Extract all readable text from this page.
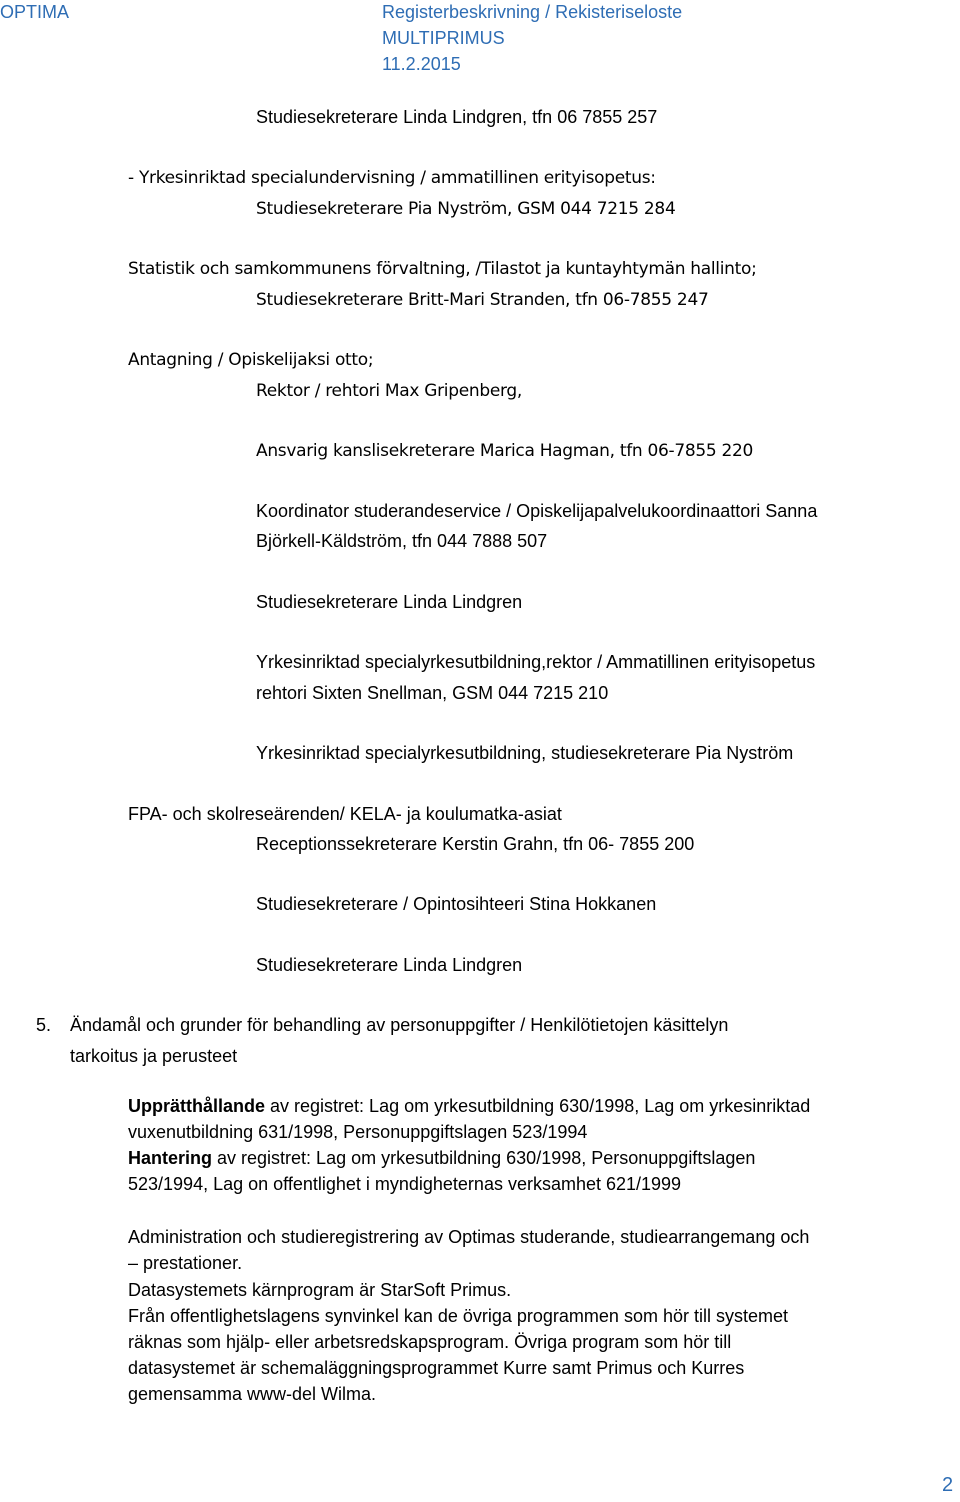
OPTIMA	Registerbeskrivning / Rekisteriseloste
MULTIPRIMUS
11.2.2015
Studiesekreterare Linda Lindgren, tfn 06 7855 257
- Yrkesinriktad specialundervisning / ammatillinen erityisopetus:
Studiesekreterare Pia Nyström, GSM 044 7215 284
Statistik och samkommunens förvaltning, /Tilastot ja kuntayhtymän hallinto;
Studiesekreterare Britt-Mari Stranden, tfn 06-7855 247
Antagning / Opiskelijaksi otto;
Rektor / rehtori Max Gripenberg,
Ansvarig kanslisekreterare Marica Hagman, tfn 06-7855 220
Koordinator studerandeservice / Opiskelijapalvelukoordinaattori Sanna
Björkell-Käldström, tfn 044 7888 507
Studiesekreterare Linda Lindgren
Yrkesinriktad specialyrkesutbildning,rektor / Ammatillinen erityisopetus
rehtori Sixten Snellman, GSM 044 7215 210
Yrkesinriktad specialyrkesutbildning, studiesekreterare Pia Nyström
FPA- och skolreseärenden/ KELA- ja koulumatka-asiat
Receptionssekreterare Kerstin Grahn, tfn 06- 7855 200
Studiesekreterare / Opintosihteeri Stina Hokkanen
Studiesekreterare Linda Lindgren
5. Ändamål och grunder för behandling av personuppgifter / Henkilötietojen käsittelyn
tarkoitus ja perusteet
Upprätthållande av registret: Lag om yrkesutbildning 630/1998, Lag om yrkesinriktad
vuxenutbildning 631/1998, Personuppgiftslagen 523/1994
Hantering av registret: Lag om yrkesutbildning 630/1998, Personuppgiftslagen
523/1994, Lag on offentlighet i myndigheternas verksamhet 621/1999
Administration och studieregistrering av Optimas studerande, studiearrangemang och
– prestationer.
Datasystemets kärnprogram är StarSoft Primus.
Från offentlighetslagens synvinkel kan de övriga programmen som hör till systemet
räknas som hjälp- eller arbetsredskapsprogram. Övriga program som hör till
datasystemet är schemaläggningsprogrammet Kurre samt Primus och Kurres
gemensamma www-del Wilma.
2
